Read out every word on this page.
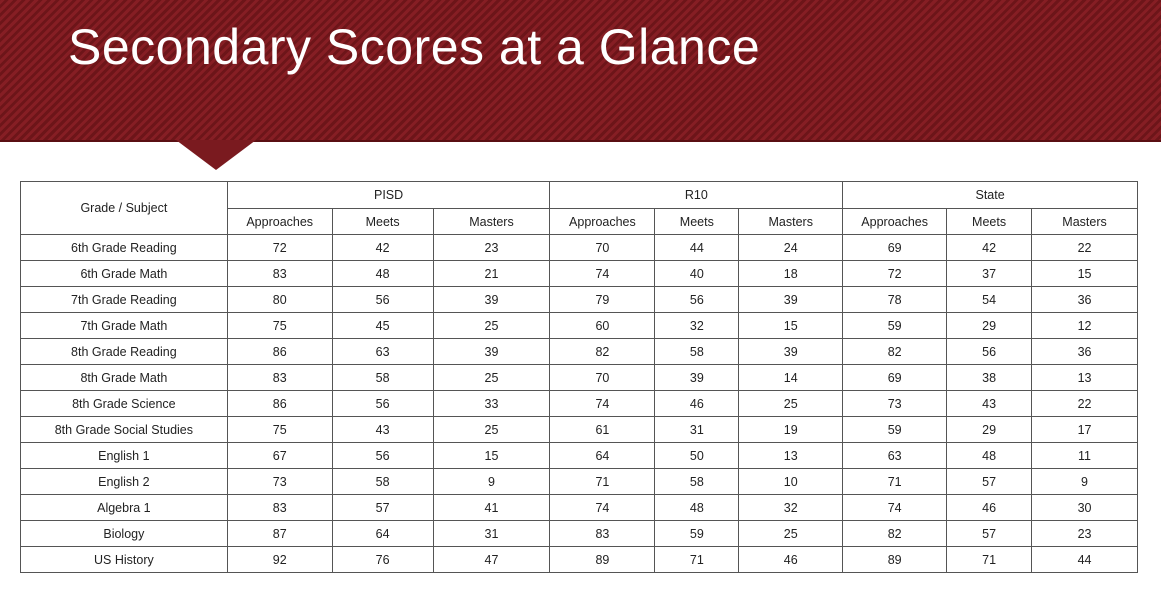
Secondary Scores at a Glance
Grade / Subject	PISD			R10			State		
	Approaches	Meets	Masters	Approaches	Meets	Masters	Approaches	Meets	Masters
6th Grade Reading	72	42	23	70	44	24	69	42	22
6th Grade Math	83	48	21	74	40	18	72	37	15
7th Grade Reading	80	56	39	79	56	39	78	54	36
7th Grade Math	75	45	25	60	32	15	59	29	12
8th Grade Reading	86	63	39	82	58	39	82	56	36
8th Grade Math	83	58	25	70	39	14	69	38	13
8th Grade Science	86	56	33	74	46	25	73	43	22
8th Grade Social Studies	75	43	25	61	31	19	59	29	17
English 1	67	56	15	64	50	13	63	48	11
English 2	73	58	9	71	58	10	71	57	9
Algebra 1	83	57	41	74	48	32	74	46	30
Biology	87	64	31	83	59	25	82	57	23
US History	92	76	47	89	71	46	89	71	44
